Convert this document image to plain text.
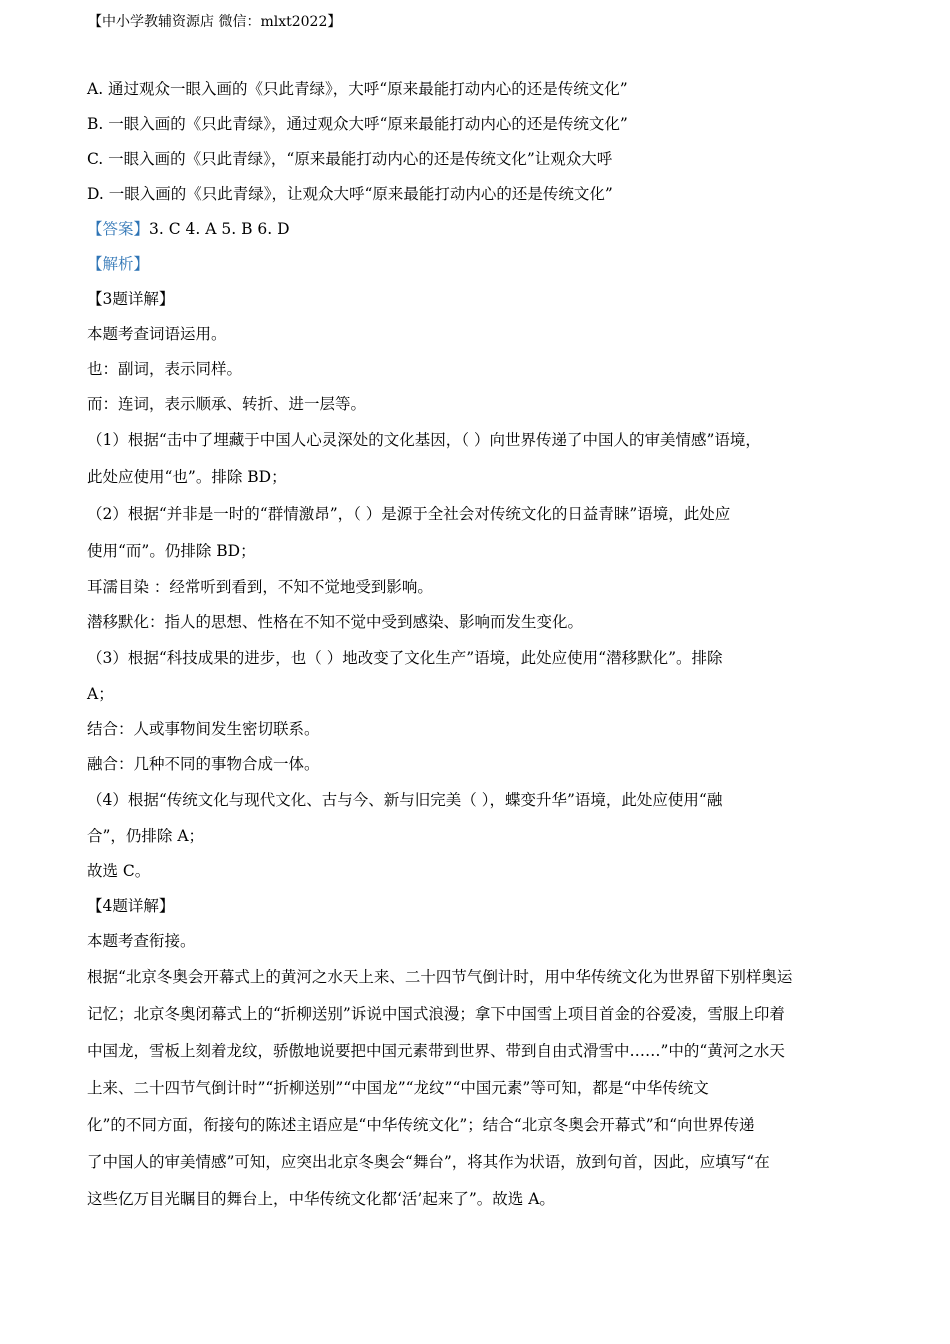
【中小学教辅资源店 微信：mlxt2022】
A. 通过观众一眼入画的《只此青绿》，大呼“原来最能打动内心的还是传统文化”
B. 一眼入画的《只此青绿》，通过观众大呼“原来最能打动内心的还是传统文化”
C. 一眼入画的《只此青绿》，“原来最能打动内心的还是传统文化”让观众大呼
D. 一眼入画的《只此青绿》，让观众大呼“原来最能打动内心的还是传统文化”
【答案】3. C 4. A 5. B 6. D
【解析】
【3题详解】
本题考查词语运用。
也：副词，表示同样。
而：连词，表示顺承、转折、进一层等。
（1）根据“击中了埋藏于中国人心灵深处的文化基因，（ ）向世界传递了中国人的审美情感”语境，
此处应使用“也”。排除 BD；
（2）根据“并非是一时的“群情激昂”，（ ）是源于全社会对传统文化的日益青睐”语境，此处应
使用“而”。仍排除 BD；
耳濡目染 ：经常听到看到，不知不觉地受到影响。
潜移默化：指人的思想、性格在不知不觉中受到感染、影响而发生变化。
（3）根据“科技成果的进步，也（ ）地改变了文化生产”语境，此处应使用“潜移默化”。排除
A；
结合：人或事物间发生密切联系。
融合：几种不同的事物合成一体。
（4）根据“传统文化与现代文化、古与今、新与旧完美（ ），蝶变升华”语境，此处应使用“融
合”，仍排除 A；
故选 C。
【4题详解】
本题考查衔接。
根据“北京冬奥会开幕式上的黄河之水天上来、二十四节气倒计时，用中华传统文化为世界留下别样奥运
记忆；北京冬奥闭幕式上的“折柳送别”诉说中国式浪漫；拿下中国雪上项目首金的谷爱凌，雪服上印着
中国龙，雪板上刻着龙纹，骄傲地说要把中国元素带到世界、带到自由式滑雪中……”中的“黄河之水天
上来、二十四节气倒计时”“折柳送别”“中国龙”“龙纹”“中国元素”等可知，都是“中华传统文
化”的不同方面，衔接句的陈述主语应是“中华传统文化”；结合“北京冬奥会开幕式”和“向世界传递
了中国人的审美情感”可知，应突出北京冬奥会“舞台”，将其作为状语，放到句首，因此，应填写“在
这些亿万目光瞩目的舞台上，中华传统文化都‘活’起来了”。故选 A。
